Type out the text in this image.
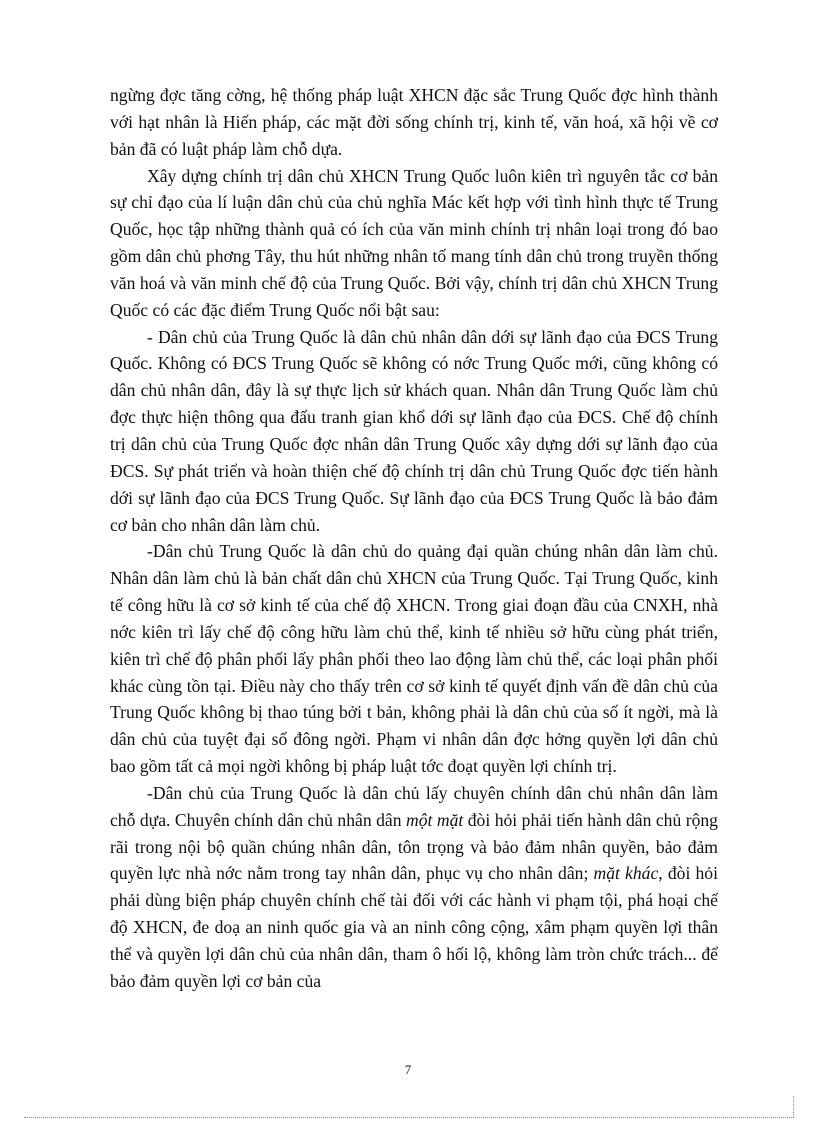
ngừng đợc tăng cờng, hệ thống pháp luật XHCN đặc sắc Trung Quốc đợc hình thành với hạt nhân là Hiến pháp, các mặt đời sống chính trị, kinh tế, văn hoá, xã hội về cơ bản đã có luật pháp làm chỗ dựa.

Xây dựng chính trị dân chủ XHCN Trung Quốc luôn kiên trì nguyên tắc cơ bản sự chỉ đạo của lí luận dân chủ của chủ nghĩa Mác kết hợp với tình hình thực tế Trung Quốc, học tập những thành quả có ích của văn minh chính trị nhân loại trong đó bao gồm dân chủ phơng Tây, thu hút những nhân tố mang tính dân chủ trong truyền thống văn hoá và văn minh chế độ của Trung Quốc. Bởi vậy, chính trị dân chủ XHCN Trung Quốc có các đặc điểm Trung Quốc nổi bật sau:

- Dân chủ của Trung Quốc là dân chủ nhân dân dới sự lãnh đạo của ĐCS Trung Quốc. Không có ĐCS Trung Quốc sẽ không có nớc Trung Quốc mới, cũng không có dân chủ nhân dân, đây là sự thực lịch sử khách quan. Nhân dân Trung Quốc làm chủ đợc thực hiện thông qua đấu tranh gian khổ dới sự lãnh đạo của ĐCS. Chế độ chính trị dân chủ của Trung Quốc đợc nhân dân Trung Quốc xây dựng dới sự lãnh đạo của ĐCS. Sự phát triển và hoàn thiện chế độ chính trị dân chủ Trung Quốc đợc tiến hành dới sự lãnh đạo của ĐCS Trung Quốc. Sự lãnh đạo của ĐCS Trung Quốc là bảo đảm cơ bản cho nhân dân làm chủ.

-Dân chủ Trung Quốc là dân chủ do quảng đại quần chúng nhân dân làm chủ. Nhân dân làm chủ là bản chất dân chủ XHCN của Trung Quốc. Tại Trung Quốc, kinh tế công hữu là cơ sở kinh tế của chế độ XHCN. Trong giai đoạn đầu của CNXH, nhà nớc kiên trì lấy chế độ công hữu làm chủ thể, kinh tế nhiều sở hữu cùng phát triển, kiên trì chế độ phân phối lấy phân phối theo lao động làm chủ thể, các loại phân phối khác cùng tồn tại. Điều này cho thấy trên cơ sở kinh tế quyết định vấn đề dân chủ của Trung Quốc không bị thao túng bởi t bản, không phải là dân chủ của số ít ngời, mà là dân chủ của tuyệt đại số đông ngời. Phạm vi nhân dân đợc hởng quyền lợi dân chủ bao gồm tất cả mọi ngời không bị pháp luật tớc đoạt quyền lợi chính trị.

-Dân chủ của Trung Quốc là dân chủ lấy chuyên chính dân chủ nhân dân làm chỗ dựa. Chuyên chính dân chủ nhân dân một mặt đòi hỏi phải tiến hành dân chủ rộng rãi trong nội bộ quần chúng nhân dân, tôn trọng và bảo đảm nhân quyền, bảo đảm quyền lực nhà nớc nằm trong tay nhân dân, phục vụ cho nhân dân; mặt khác, đòi hỏi phải dùng biện pháp chuyên chính chế tài đối với các hành vi phạm tội, phá hoại chế độ XHCN, đe doạ an ninh quốc gia và an ninh công cộng, xâm phạm quyền lợi thân thể và quyền lợi dân chủ của nhân dân, tham ô hối lộ, không làm tròn chức trách... để bảo đảm quyền lợi cơ bản của

7
